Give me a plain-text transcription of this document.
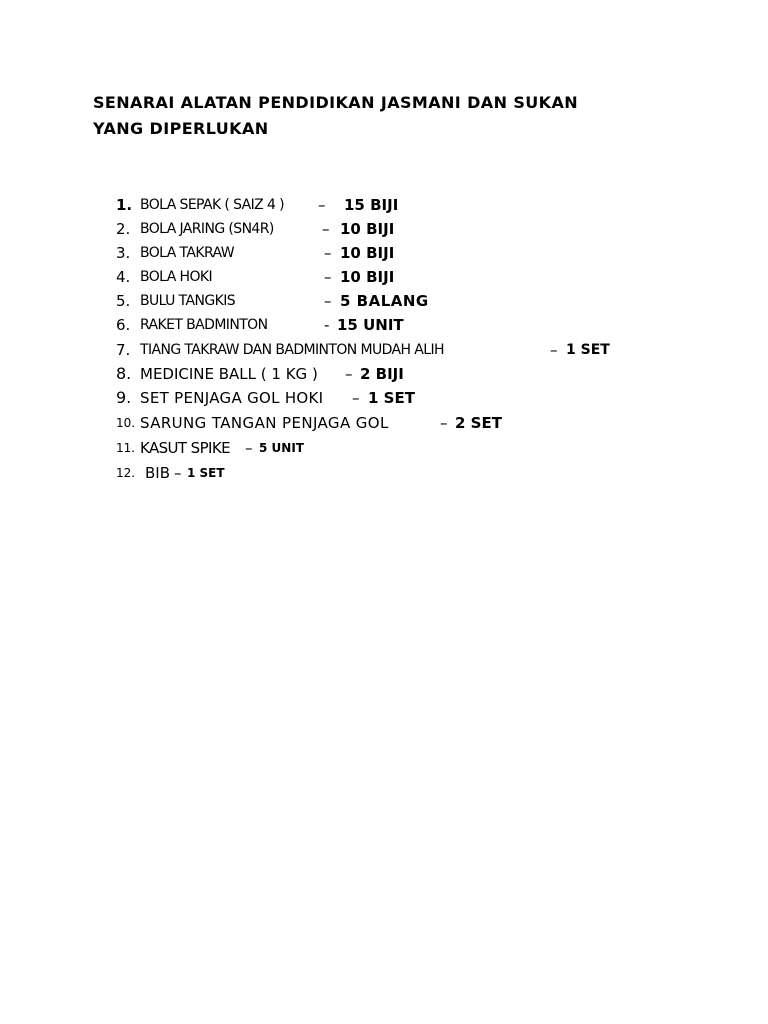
SENARAI ALATAN PENDIDIKAN JASMANI DAN SUKAN
YANG DIPERLUKAN
1. BOLA SEPAK ( SAIZ 4 ) – 15 BIJI
2. BOLA JARING (SN4R)	– 10 BIJI
3. BOLA TAKRAW	– 10 BIJI
4. BOLA HOKI	– 10 BIJI
5. BULU TANGKIS	– 5 BALANG
6. RAKET BADMINTON	- 15 UNIT
7. TIANG TAKRAW DAN BADMINTON MUDAH ALIH	– 1 SET
8. MEDICINE BALL ( 1 KG ) – 2 BIJI
9. SET PENJAGA GOL HOKI – 1 SET
10. SARUNG TANGAN PENJAGA GOL	– 2 SET
11. KASUT SPIKE – 5 UNIT
12. BIB – 1 SET
